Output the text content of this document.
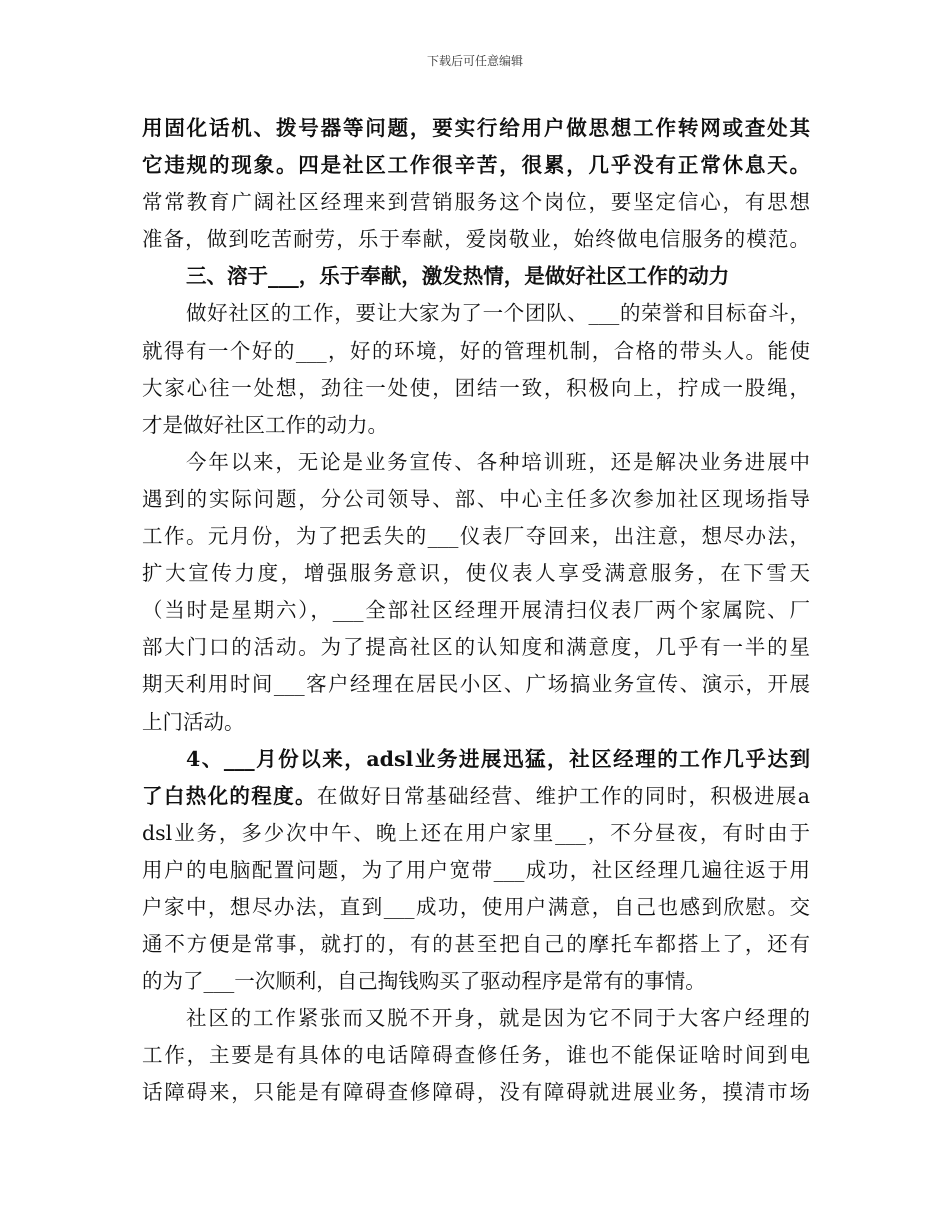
下载后可任意编辑
用固化话机、拨号器等问题，要实行给用户做思想工作转网或查处其
它违规的现象。四是社区工作很辛苦，很累，几乎没有正常休息天。
常常教育广阔社区经理来到营销服务这个岗位，要坚定信心，有思想
准备，做到吃苦耐劳，乐于奉献，爱岗敬业，始终做电信服务的模范。
三、溶于___，乐于奉献，激发热情，是做好社区工作的动力
做好社区的工作，要让大家为了一个团队、___的荣誉和目标奋斗，
就得有一个好的___，好的环境，好的管理机制，合格的带头人。能使
大家心往一处想，劲往一处使，团结一致，积极向上，拧成一股绳，
才是做好社区工作的动力。
今年以来，无论是业务宣传、各种培训班，还是解决业务进展中
遇到的实际问题，分公司领导、部、中心主任多次参加社区现场指导
工作。元月份，为了把丢失的___仪表厂夺回来，出注意，想尽办法，
扩大宣传力度，增强服务意识，使仪表人享受满意服务，在下雪天
（当时是星期六），___全部社区经理开展清扫仪表厂两个家属院、厂
部大门口的活动。为了提高社区的认知度和满意度，几乎有一半的星
期天利用时间___客户经理在居民小区、广场搞业务宣传、演示，开展
上门活动。
4、___月份以来，adsl业务进展迅猛，社区经理的工作几乎达到
了白热化的程度。在做好日常基础经营、维护工作的同时，积极进展a
dsl业务，多少次中午、晚上还在用户家里___，不分昼夜，有时由于
用户的电脑配置问题，为了用户宽带___成功，社区经理几遍往返于用
户家中，想尽办法，直到___成功，使用户满意，自己也感到欣慰。交
通不方便是常事，就打的，有的甚至把自己的摩托车都搭上了，还有
的为了___一次顺利，自己掏钱购买了驱动程序是常有的事情。
社区的工作紧张而又脱不开身，就是因为它不同于大客户经理的
工作，主要是有具体的电话障碍查修任务，谁也不能保证啥时间到电
话障碍来，只能是有障碍查修障碍，没有障碍就进展业务，摸清市场
